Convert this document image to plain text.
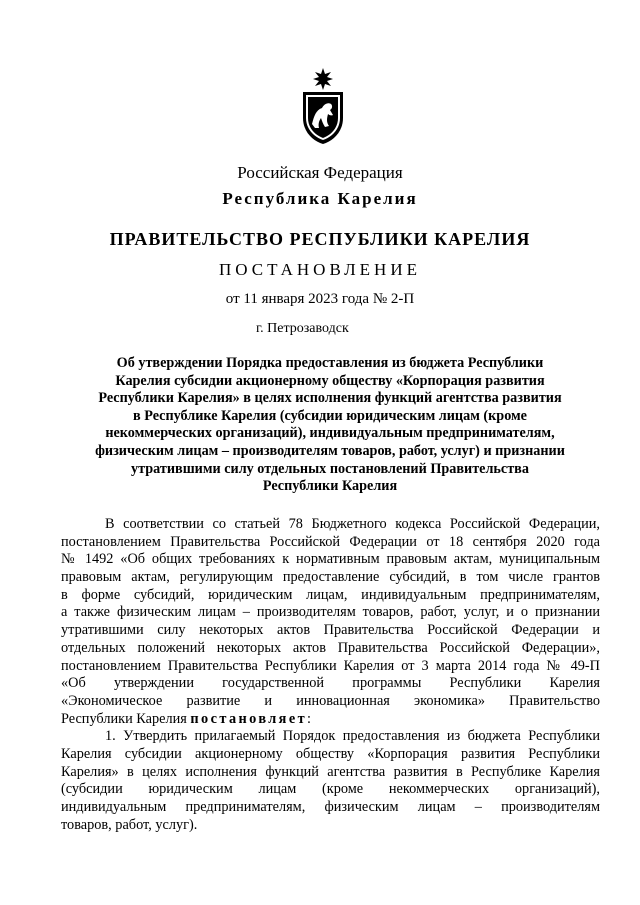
Российская Федерация
Республика Карелия
ПРАВИТЕЛЬСТВО РЕСПУБЛИКИ КАРЕЛИЯ
ПОСТАНОВЛЕНИЕ
от 11 января 2023 года № 2-П
г. Петрозаводск
Об утверждении Порядка предоставления из бюджета Республики
Карелия субсидии акционерному обществу «Корпорация развития
Республики Карелия» в целях исполнения функций агентства развития
в Республике Карелия (субсидии юридическим лицам (кроме
некоммерческих организаций), индивидуальным предпринимателям,
физическим лицам – производителям товаров, работ, услуг) и признании
утратившими силу отдельных постановлений Правительства
Республики Карелия
В соответствии со статьей 78 Бюджетного кодекса Российской Федерации,
постановлением Правительства Российской Федерации от 18 сентября 2020 года
№ 1492 «Об общих требованиях к нормативным правовым актам, муниципальным
правовым актам, регулирующим предоставление субсидий, в том числе грантов
в форме субсидий, юридическим лицам, индивидуальным предпринимателям,
а также физическим лицам – производителям товаров, работ, услуг, и о признании
утратившими силу некоторых актов Правительства Российской Федерации и
отдельных положений некоторых актов Правительства Российской Федерации»,
постановлением Правительства Республики Карелия от 3 марта 2014 года № 49-П
«Об утверждении государственной программы Республики Карелия
«Экономическое развитие и инновационная экономика» Правительство
Республики Карелия постановляет:
1. Утвердить прилагаемый Порядок предоставления из бюджета Республики
Карелия субсидии акционерному обществу «Корпорация развития Республики
Карелия» в целях исполнения функций агентства развития в Республике Карелия
(субсидии юридическим лицам (кроме некоммерческих организаций),
индивидуальным предпринимателям, физическим лицам – производителям
товаров, работ, услуг).
